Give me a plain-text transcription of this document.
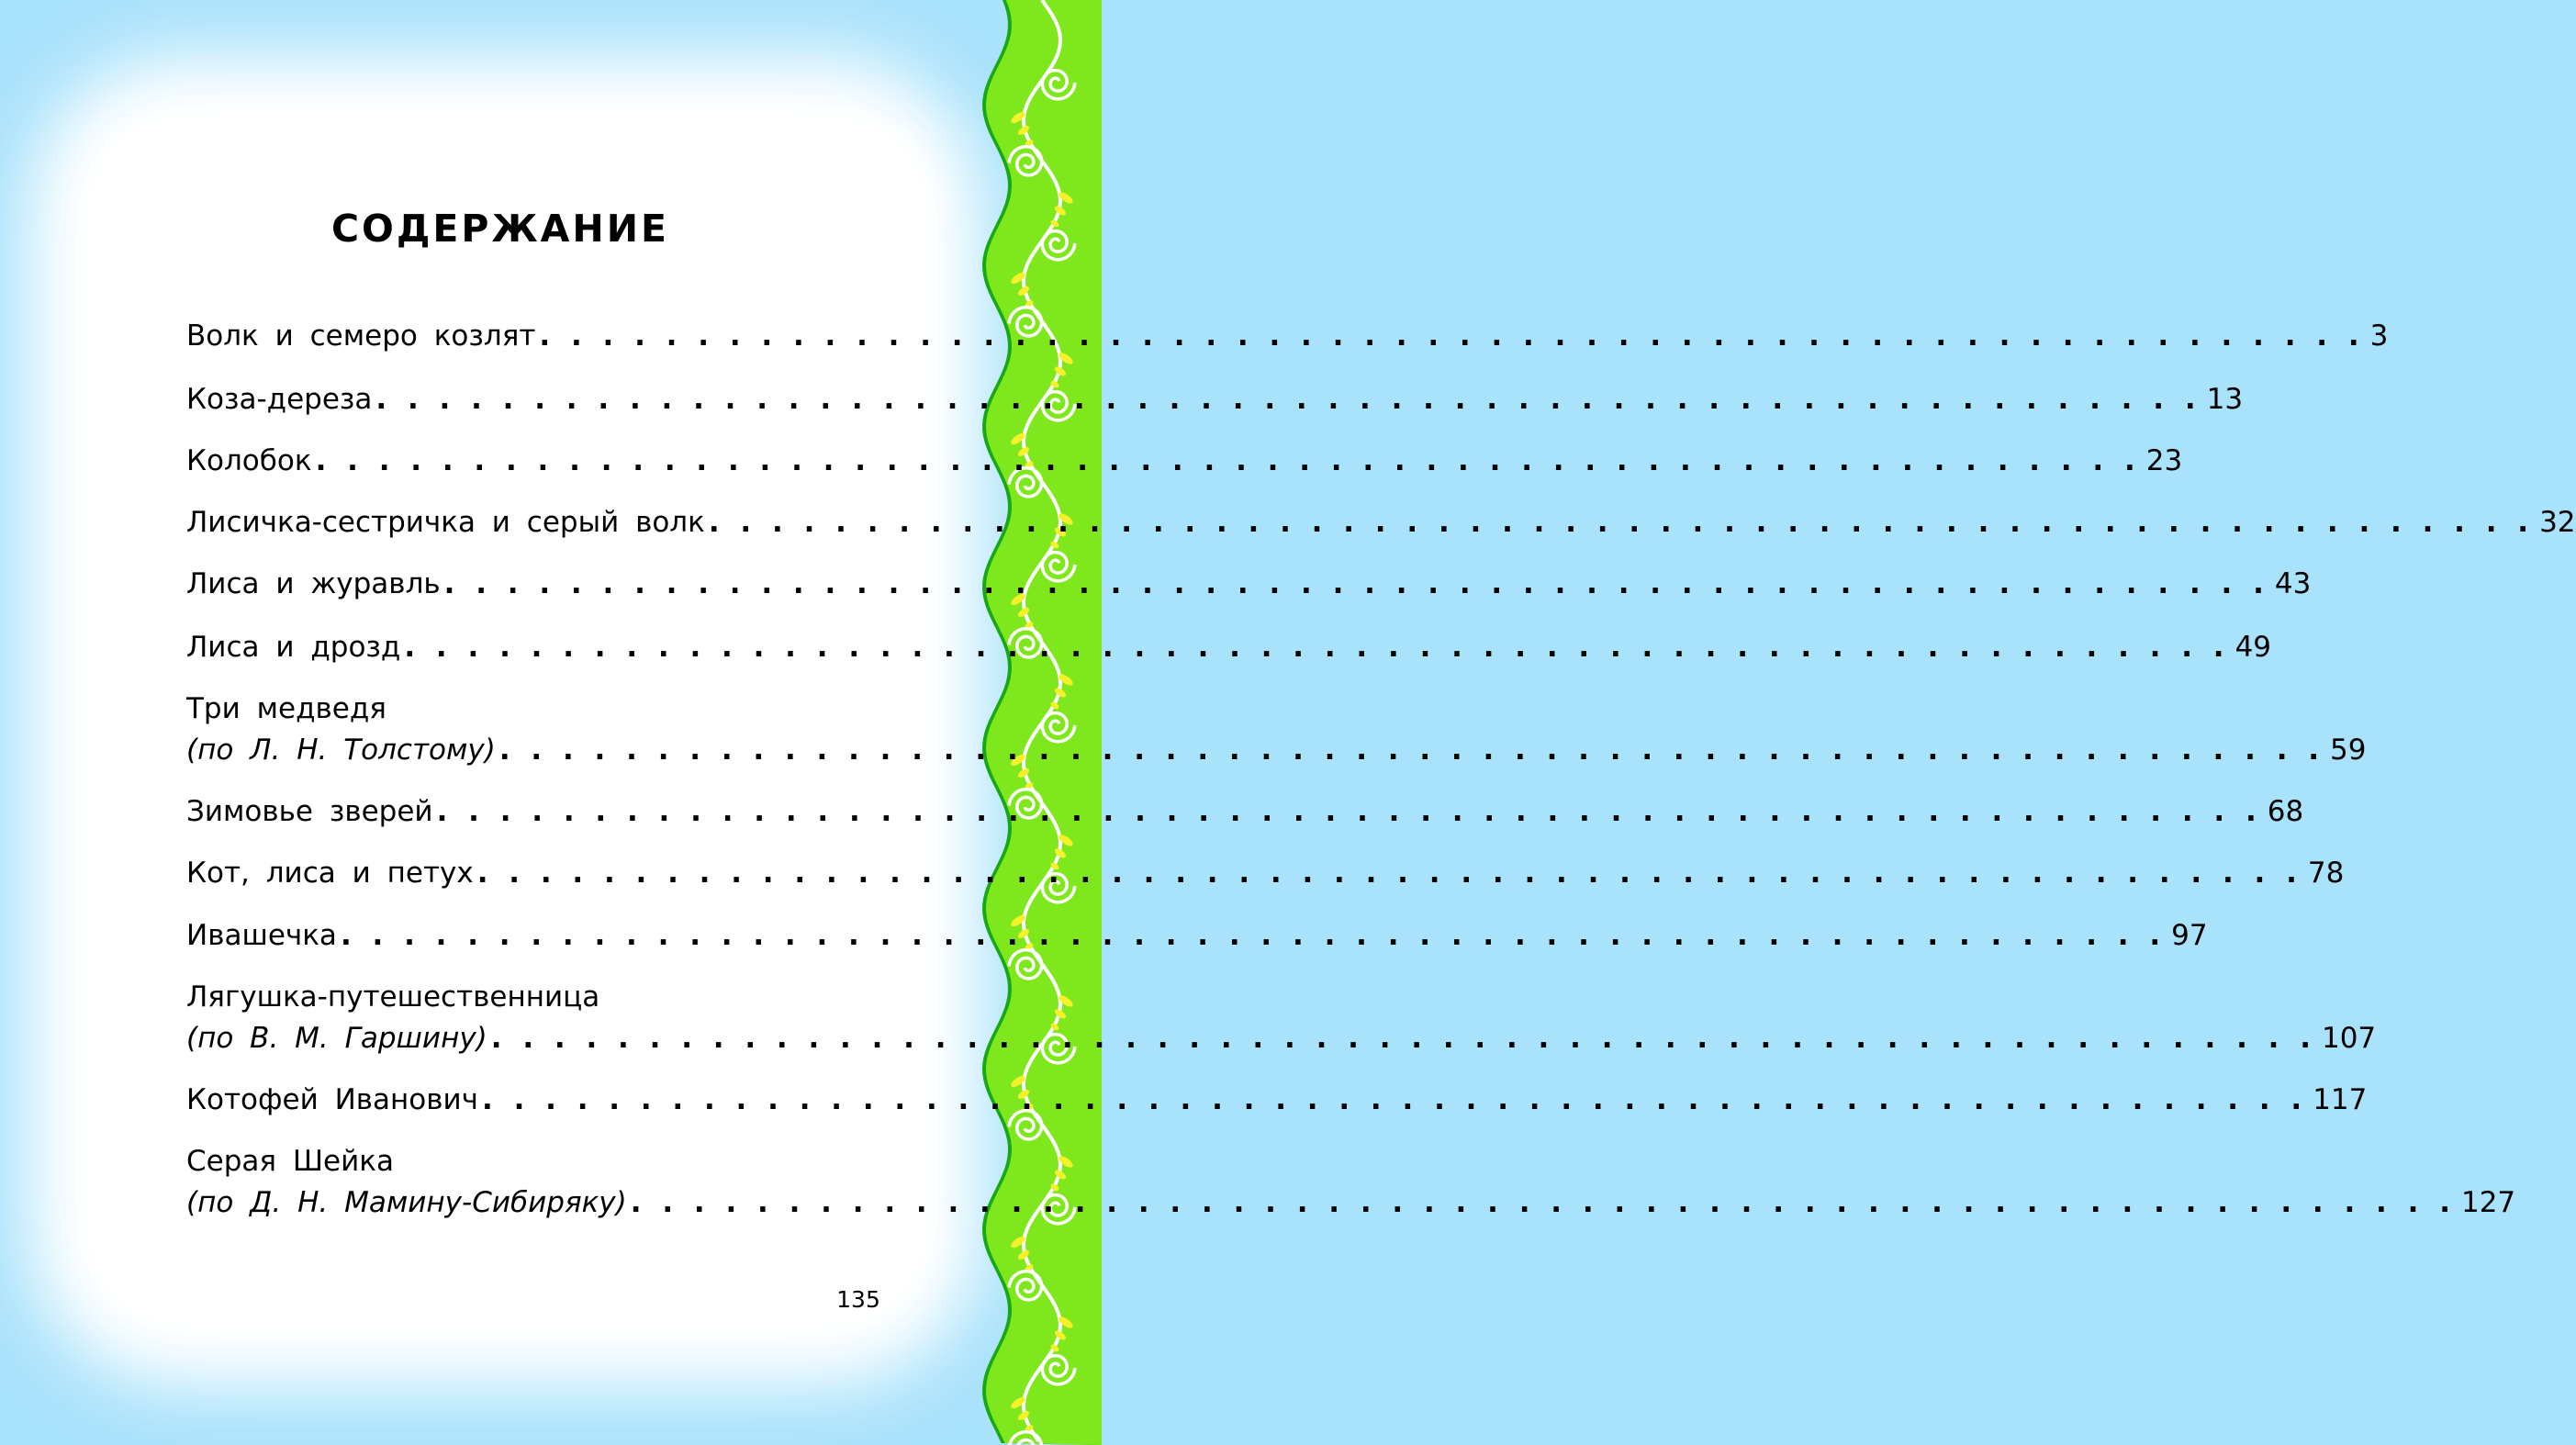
СОДЕРЖАНИЕ
Волк и семеро козлят . . . . . . . . . . . . . . . . . . . . . . . . . . . . . . . . . . . . . . . . . . . . . . . . . . . . . . . . . . 3
Коза-дереза . . . . . . . . . . . . . . . . . . . . . . . . . . . . . . . . . . . . . . . . . . . . . . . . . . . . . . . . . . 13
Колобок . . . . . . . . . . . . . . . . . . . . . . . . . . . . . . . . . . . . . . . . . . . . . . . . . . . . . . . . . . 23
Лисичка-сестричка и серый волк . . . . . . . . . . . . . . . . . . . . . . . . . . . . . . . . . . . . . . . . . . . . . . . . . . . . . . . . . . 32
Лиса и журавль . . . . . . . . . . . . . . . . . . . . . . . . . . . . . . . . . . . . . . . . . . . . . . . . . . . . . . . . . . 43
Лиса и дрозд . . . . . . . . . . . . . . . . . . . . . . . . . . . . . . . . . . . . . . . . . . . . . . . . . . . . . . . . . . 49
Три медведя
(по Л. Н. Толстому) . . . . . . . . . . . . . . . . . . . . . . . . . . . . . . . . . . . . . . . . . . . . . . . . . . . . . . . . . . 59
Зимовье зверей . . . . . . . . . . . . . . . . . . . . . . . . . . . . . . . . . . . . . . . . . . . . . . . . . . . . . . . . . . 68
Кот, лиса и петух . . . . . . . . . . . . . . . . . . . . . . . . . . . . . . . . . . . . . . . . . . . . . . . . . . . . . . . . . . 78
Ивашечка . . . . . . . . . . . . . . . . . . . . . . . . . . . . . . . . . . . . . . . . . . . . . . . . . . . . . . . . . . 97
Лягушка-путешественница
(по В. М. Гаршину) . . . . . . . . . . . . . . . . . . . . . . . . . . . . . . . . . . . . . . . . . . . . . . . . . . . . . . . . . . 107
Котофей Иванович . . . . . . . . . . . . . . . . . . . . . . . . . . . . . . . . . . . . . . . . . . . . . . . . . . . . . . . . . . 117
Серая Шейка
(по Д. Н. Мамину-Сибиряку) . . . . . . . . . . . . . . . . . . . . . . . . . . . . . . . . . . . . . . . . . . . . . . . . . . . . . . . . . . 127
135
